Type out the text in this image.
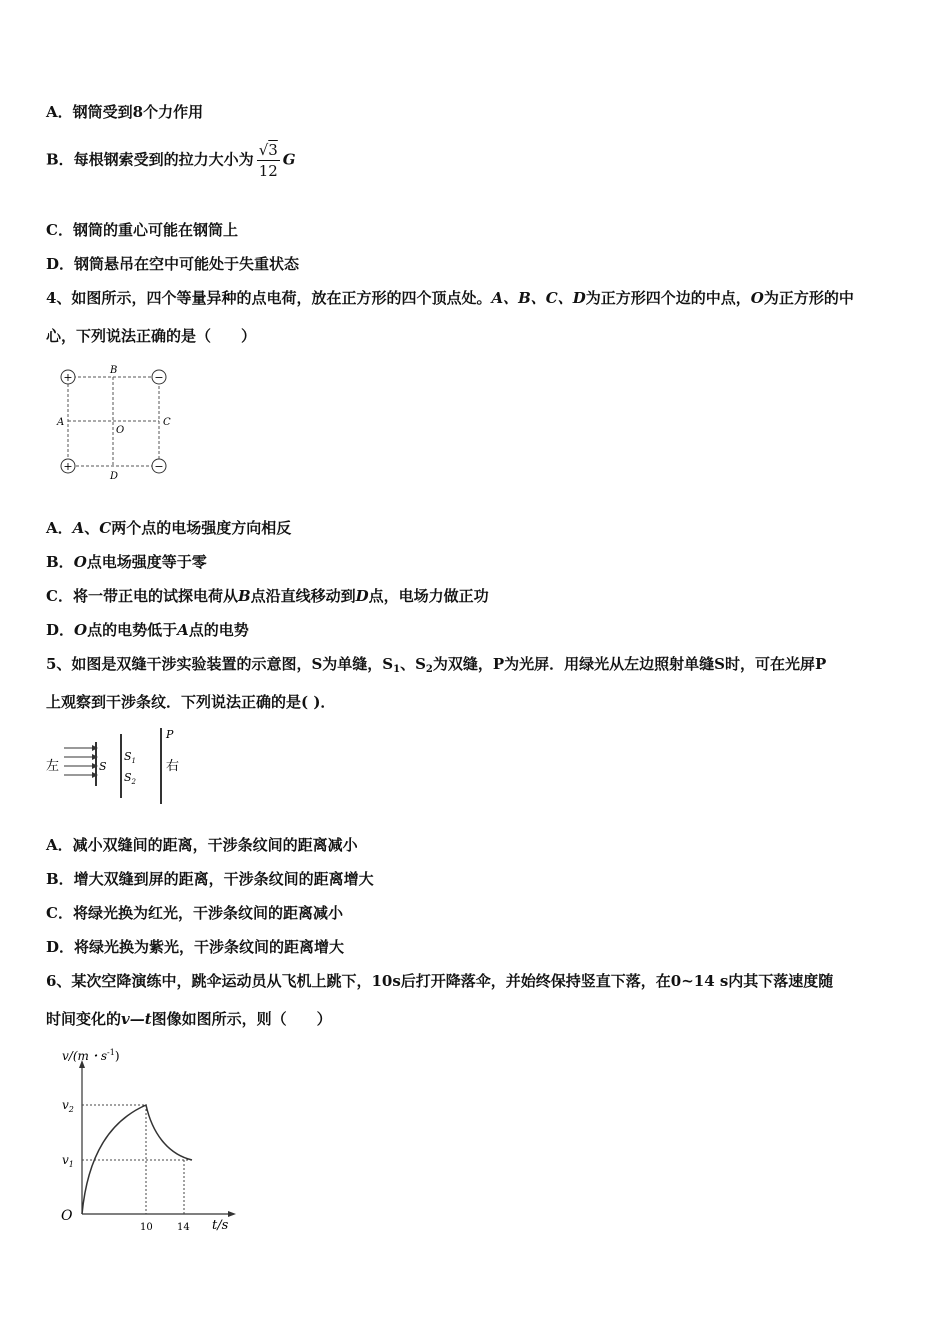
A．钢筒受到8个力作用
B．每根钢索受到的拉力大小为 $\frac{√3}{12}$ G
C．钢筒的重心可能在钢筒上
D．钢筒悬吊在空中可能处于失重状态
4、如图所示，四个等量异种的点电荷，放在正方形的四个顶点处。A、B、C、D为正方形四个边的中点，O为正方形的中
心，下列说法正确的是（　　）
+	−
+	−
B
A	C
D
O
A．A、C两个点的电场强度方向相反
B．O点电场强度等于零
C．将一带正电的试探电荷从B点沿直线移动到D点，电场力做正功
D．O点的电势低于A点的电势
5、如图是双缝干涉实验装置的示意图，S为单缝，$S_1$、$S_2$为双缝，P为光屏．用绿光从左边照射单缝S时，可在光屏P
上观察到干涉条纹．下列说法正确的是( )．
左	S
$S_1$
$S_2$
P
右
A．减小双缝间的距离，干涉条纹间的距离减小
B．增大双缝到屏的距离，干涉条纹间的距离增大
C．将绿光换为红光，干涉条纹间的距离减小
D．将绿光换为紫光，干涉条纹间的距离增大
6、某次空降演练中，跳伞运动员从飞机上跳下，10s后打开降落伞，并始终保持竖直下落，在0~14 s内其下落速度随
时间变化的v—t图像如图所示，则（　　）
v/(m・$s^{-1}$)
$v_2$
$v_1$
O
10 14 t/s
